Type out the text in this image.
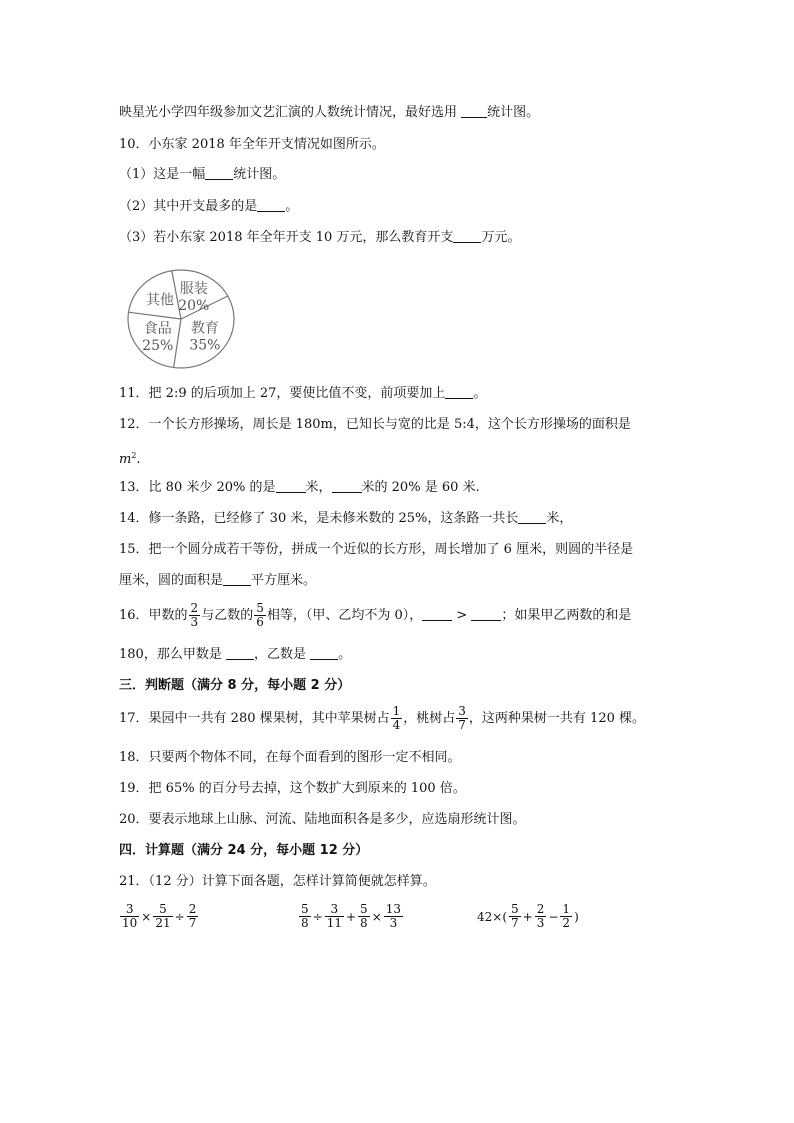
映星光小学四年级参加文艺汇演的人数统计情况，最好选用 统计图。
10．小东家 2018 年全年开支情况如图所示。
（1）这是一幅 统计图。
（2）其中开支最多的是 。
（3）若小东家 2018 年全年开支 10 万元，那么教育开支 万元。
服装
20%
教育
35%
食品
25%
其他
11．把 2:9 的后项加上 27，要使比值不变，前项要加上 。
12．一个长方形操场，周长是 180m，已知长与宽的比是 5:4，这个长方形操场的面积是
$m^2$.
13．比 80 米少 20% 的是 米， 米的 20% 是 60 米.
14．修一条路，已经修了 30 米，是未修米数的 25%，这条路一共长 米，
15．把一个圆分成若干等份，拼成一个近似的长方形，周长增加了 6 厘米，则圆的半径是
厘米，圆的面积是 平方厘米。
16．甲数的 $\frac{2}{3}$ 与乙数的 $\frac{5}{6}$ 相等，（甲、乙均不为 0）， > ；如果甲乙两数的和是
180，那么甲数是 ，乙数是 。
三．判断题（满分 8 分，每小题 2 分）
17．果园中一共有 280 棵果树，其中苹果树占 $\frac{1}{4}$ ，桃树占 $\frac{3}{7}$ ，这两种果树一共有 120 棵。
18．只要两个物体不同，在每个面看到的图形一定不相同。
19．把 65% 的百分号去掉，这个数扩大到原来的 100 倍。
20．要表示地球上山脉、河流、陆地面积各是多少，应选扇形统计图。
四．计算题（满分 24 分，每小题 12 分）
21．（12 分）计算下面各题，怎样计算简便就怎样算。
$\frac{3}{10} \times \frac{5}{21} \div \frac{2}{7}$	$\frac{5}{8} \div \frac{3}{11} + \frac{5}{8} \times \frac{13}{3}$	$42\times( \frac{5}{7} + \frac{2}{3} - \frac{1}{2}$ )
